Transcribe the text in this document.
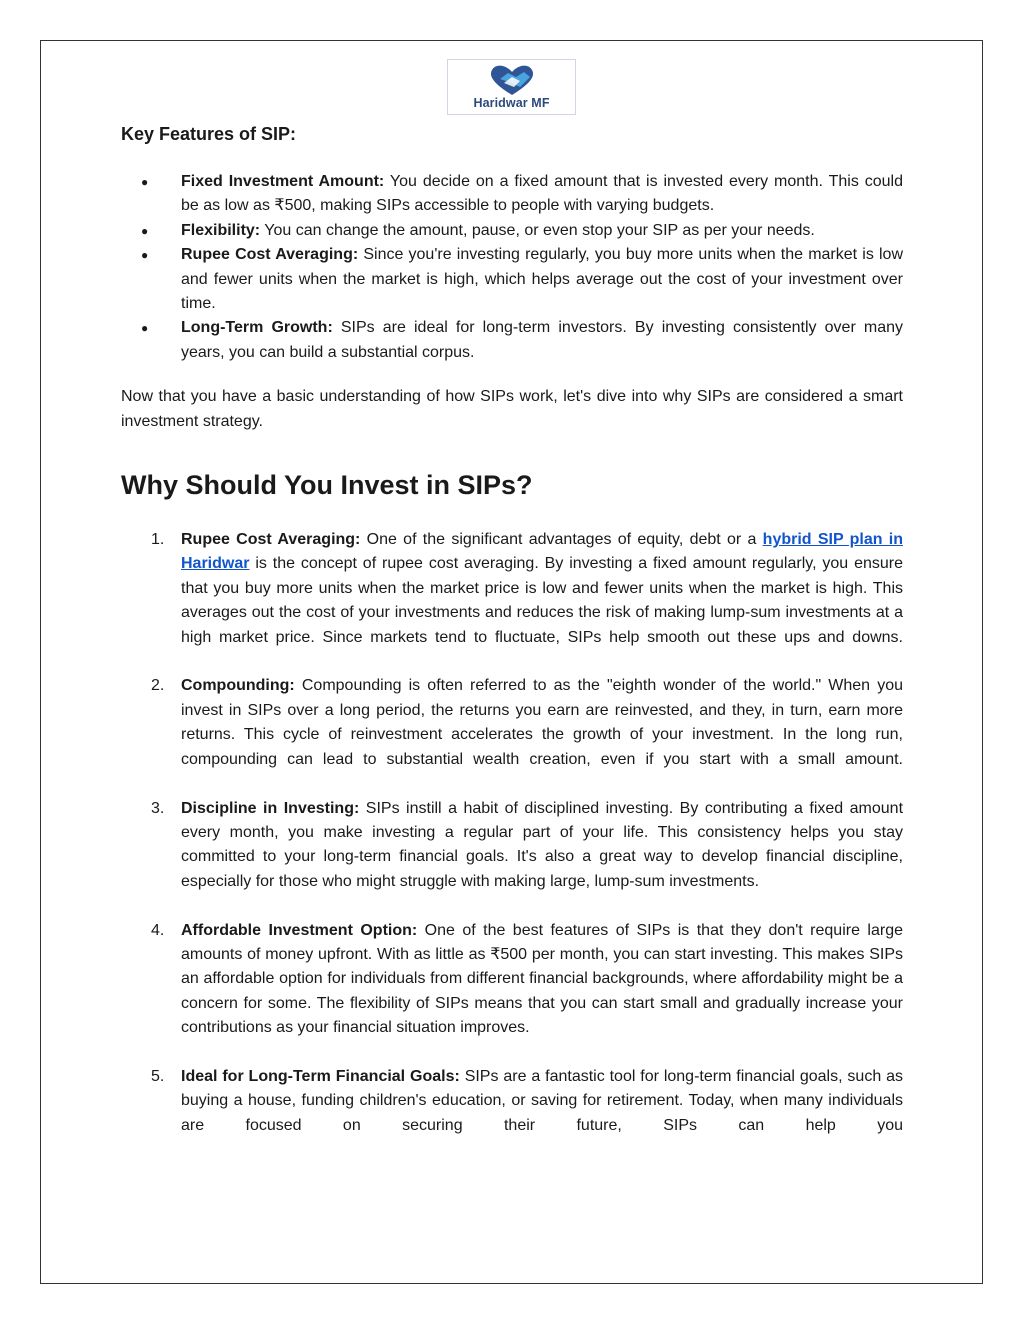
Haridwar MF
Key Features of SIP:
● Fixed Investment Amount: You decide on a fixed amount that is invested every month. This could be as low as ₹500, making SIPs accessible to people with varying budgets.
● Flexibility: You can change the amount, pause, or even stop your SIP as per your needs.
● Rupee Cost Averaging: Since you're investing regularly, you buy more units when the market is low and fewer units when the market is high, which helps average out the cost of your investment over time.
● Long-Term Growth: SIPs are ideal for long-term investors. By investing consistently over many years, you can build a substantial corpus.

Now that you have a basic understanding of how SIPs work, let's dive into why SIPs are considered a smart investment strategy.

Why Should You Invest in SIPs?
1. Rupee Cost Averaging: One of the significant advantages of equity, debt or a hybrid SIP plan in Haridwar is the concept of rupee cost averaging. By investing a fixed amount regularly, you ensure that you buy more units when the market price is low and fewer units when the market is high. This averages out the cost of your investments and reduces the risk of making lump-sum investments at a high market price. Since markets tend to fluctuate, SIPs help smooth out these ups and downs.
2. Compounding: Compounding is often referred to as the "eighth wonder of the world." When you invest in SIPs over a long period, the returns you earn are reinvested, and they, in turn, earn more returns. This cycle of reinvestment accelerates the growth of your investment. In the long run, compounding can lead to substantial wealth creation, even if you start with a small amount.
3. Discipline in Investing: SIPs instill a habit of disciplined investing. By contributing a fixed amount every month, you make investing a regular part of your life. This consistency helps you stay committed to your long-term financial goals. It's also a great way to develop financial discipline, especially for those who might struggle with making large, lump-sum investments.
4. Affordable Investment Option: One of the best features of SIPs is that they don't require large amounts of money upfront. With as little as ₹500 per month, you can start investing. This makes SIPs an affordable option for individuals from different financial backgrounds, where affordability might be a concern for some. The flexibility of SIPs means that you can start small and gradually increase your contributions as your financial situation improves.
5. Ideal for Long-Term Financial Goals: SIPs are a fantastic tool for long-term financial goals, such as buying a house, funding children's education, or saving for retirement. Today, when many individuals are focused on securing their future, SIPs can help you
